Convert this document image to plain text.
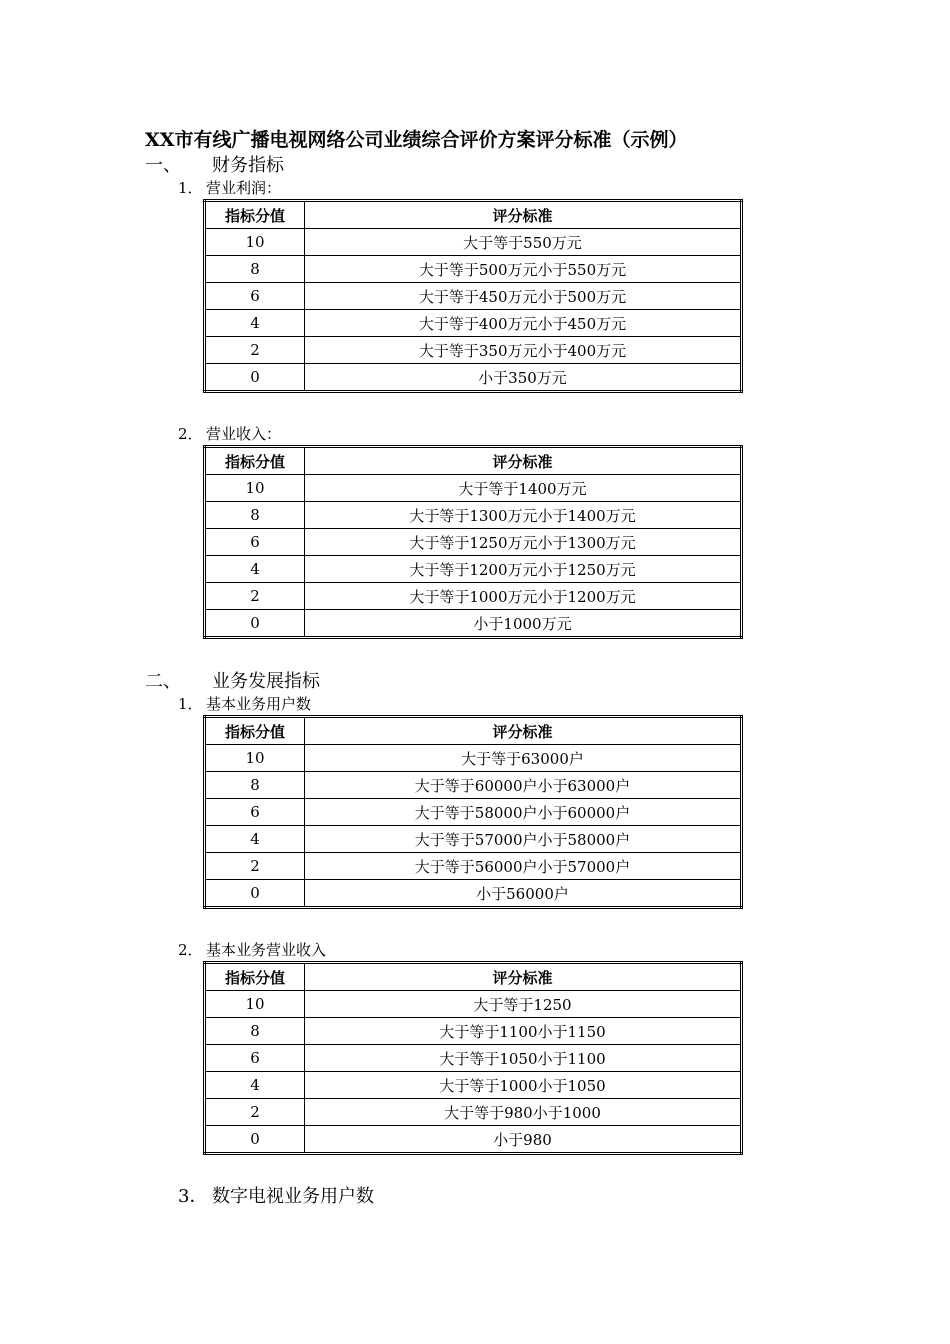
XX市有线广播电视网络公司业绩综合评价方案评分标准（示例）
一、 财务指标
1． 营业利润：
指标分值	评分标准
10	大于等于550万元
8	大于等于500万元小于550万元
6	大于等于450万元小于500万元
4	大于等于400万元小于450万元
2	大于等于350万元小于400万元
0	小于350万元
2． 营业收入：
指标分值	评分标准
10	大于等于1400万元
8	大于等于1300万元小于1400万元
6	大于等于1250万元小于1300万元
4	大于等于1200万元小于1250万元
2	大于等于1000万元小于1200万元
0	小于1000万元
二、 业务发展指标
1． 基本业务用户数
指标分值	评分标准
10	大于等于63000户
8	大于等于60000户小于63000户
6	大于等于58000户小于60000户
4	大于等于57000户小于58000户
2	大于等于56000户小于57000户
0	小于56000户
2． 基本业务营业收入
指标分值	评分标准
10	大于等于1250
8	大于等于1100小于1150
6	大于等于1050小于1100
4	大于等于1000小于1050
2	大于等于980小于1000
0	小于980
3． 数字电视业务用户数
